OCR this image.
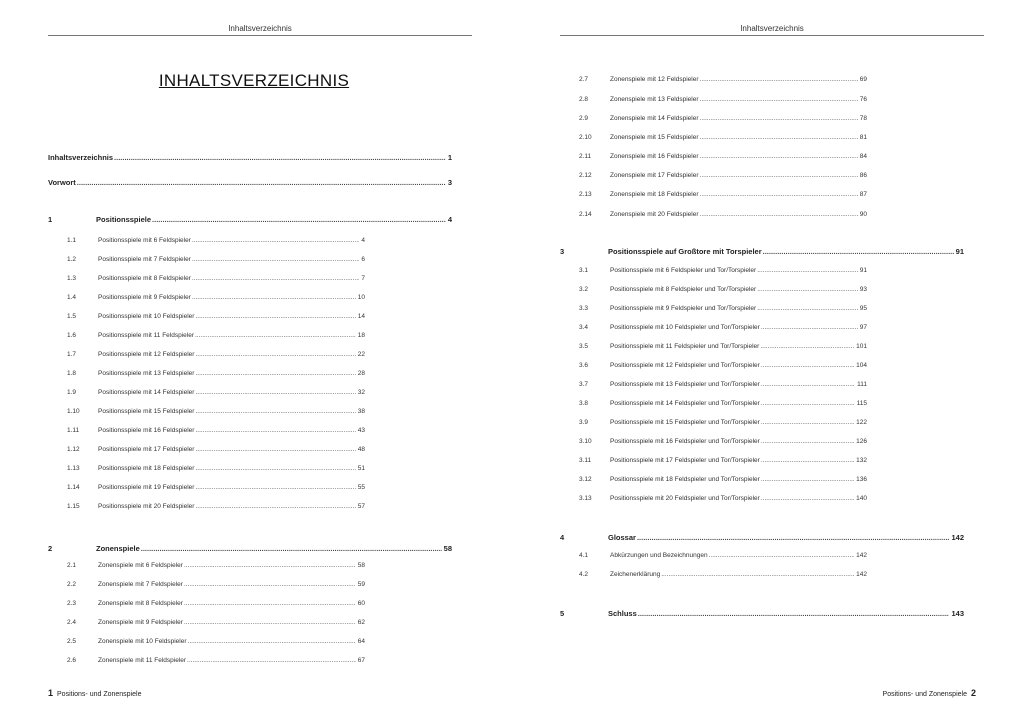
Inhaltsverzeichnis
INHALTSVERZEICHNIS
Inhaltsverzeichnis .....	1
Vorwort .....	3
1	Positionsspiele .....	4
1.1	Positionsspiele mit 6 Feldspieler .....	4
1.2	Positionsspiele mit 7 Feldspieler .....	6
1.3	Positionsspiele mit 8 Feldspieler .....	7
1.4	Positionsspiele mit 9 Feldspieler .....	10
1.5	Positionsspiele mit 10 Feldspieler .....	14
1.6	Positionsspiele mit 11 Feldspieler .....	18
1.7	Positionsspiele mit 12 Feldspieler .....	22
1.8	Positionsspiele mit 13 Feldspieler .....	28
1.9	Positionsspiele mit 14 Feldspieler .....	32
1.10	Positionsspiele mit 15 Feldspieler .....	38
1.11	Positionsspiele mit 16 Feldspieler .....	43
1.12	Positionsspiele mit 17 Feldspieler .....	48
1.13	Positionsspiele mit 18 Feldspieler .....	51
1.14	Positionsspiele mit 19 Feldspieler .....	55
1.15	Positionsspiele mit 20 Feldspieler .....	57
2	Zonenspiele .....	58
2.1	Zonenspiele mit 6 Feldspieler .....	58
2.2	Zonenspiele mit 7 Feldspieler .....	59
2.3	Zonenspiele mit 8 Feldspieler .....	60
2.4	Zonenspiele mit 9 Feldspieler .....	62
2.5	Zonenspiele mit 10 Feldspieler .....	64
2.6	Zonenspiele mit 11 Feldspieler .....	67
1 Positions- und Zonenspiele
Inhaltsverzeichnis
2.7	Zonenspiele mit 12 Feldspieler .....	69
2.8	Zonenspiele mit 13 Feldspieler .....	76
2.9	Zonenspiele mit 14 Feldspieler .....	78
2.10	Zonenspiele mit 15 Feldspieler .....	81
2.11	Zonenspiele mit 16 Feldspieler .....	84
2.12	Zonenspiele mit 17 Feldspieler .....	86
2.13	Zonenspiele mit 18 Feldspieler .....	87
2.14	Zonenspiele mit 20 Feldspieler .....	90
3	Positionsspiele auf Großtore mit Torspieler .....	91
3.1	Positionsspiele mit 6 Feldspieler und Tor/Torspieler .....	91
3.2	Positionsspiele mit 8 Feldspieler und Tor/Torspieler .....	93
3.3	Positionsspiele mit 9 Feldspieler und Tor/Torspieler .....	95
3.4	Positionsspiele mit 10 Feldspieler und Tor/Torspieler .....	97
3.5	Positionsspiele mit 11 Feldspieler und Tor/Torspieler .....	101
3.6	Positionsspiele mit 12 Feldspieler und Tor/Torspieler .....	104
3.7	Positionsspiele mit 13 Feldspieler und Tor/Torspieler .....	111
3.8	Positionsspiele mit 14 Feldspieler und Tor/Torspieler .....	115
3.9	Positionsspiele mit 15 Feldspieler und Tor/Torspieler .....	122
3.10	Positionsspiele mit 16 Feldspieler und Tor/Torspieler .....	126
3.11	Positionsspiele mit 17 Feldspieler und Tor/Torspieler .....	132
3.12	Positionsspiele mit 18 Feldspieler und Tor/Torspieler .....	136
3.13	Positionsspiele mit 20 Feldspieler und Tor/Torspieler .....	140
4	Glossar .....	142
4.1	Abkürzungen und Bezeichnungen .....	142
4.2	Zeichenerklärung .....	142
5	Schluss .....	143
Positions- und Zonenspiele 2
